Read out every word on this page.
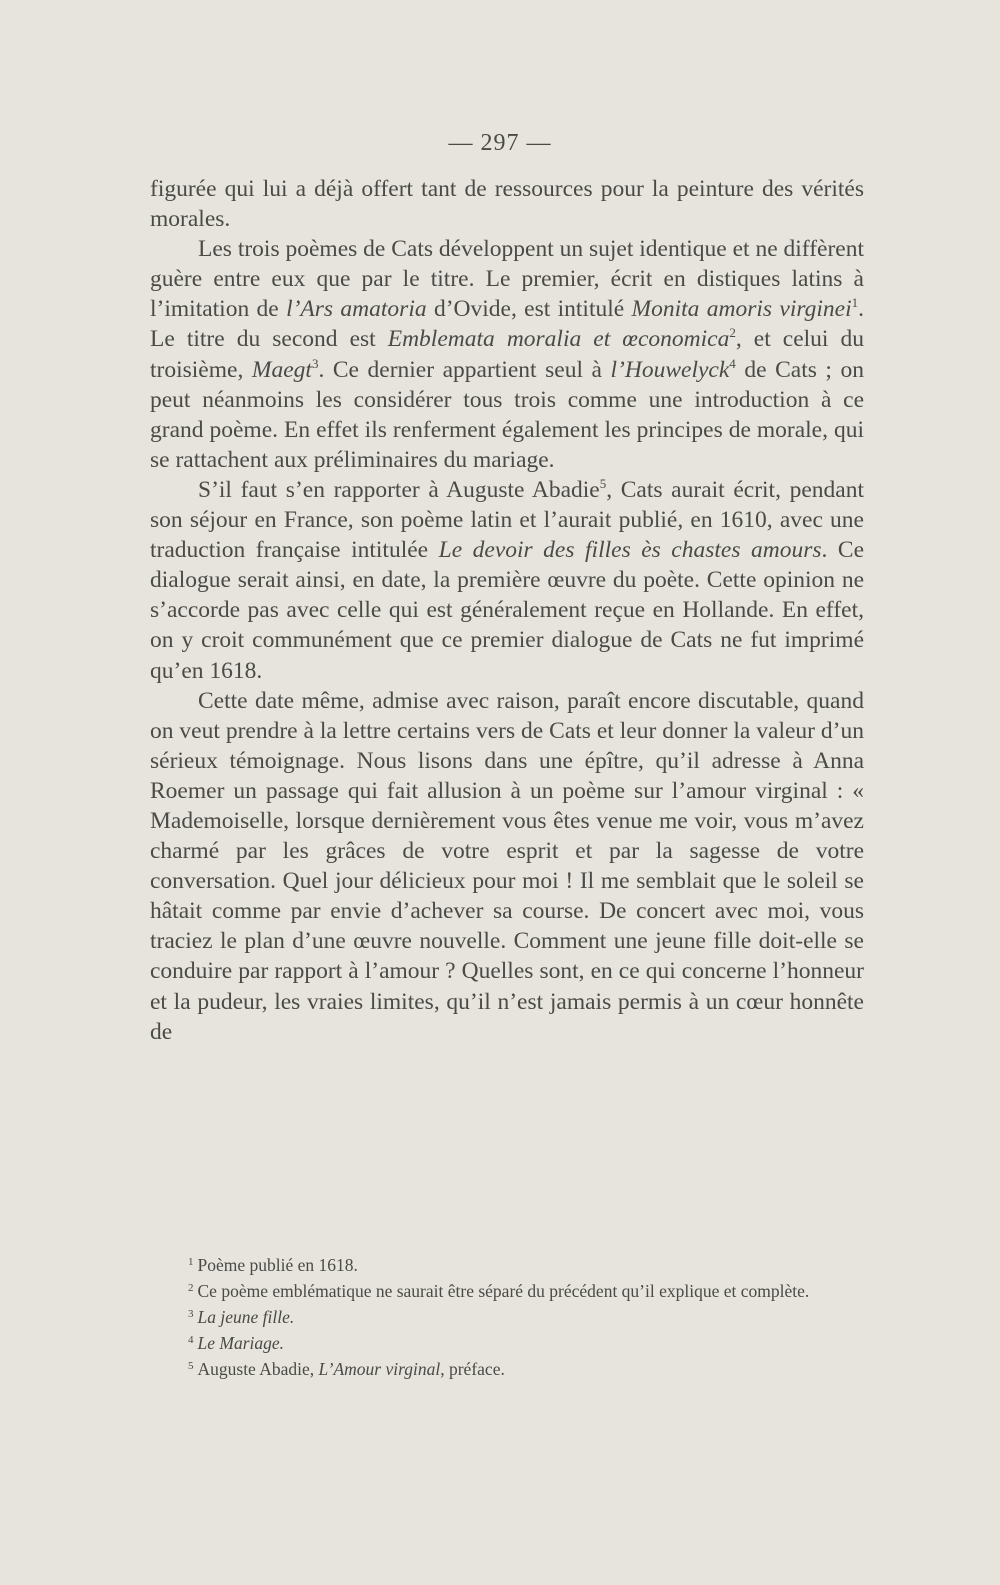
— 297 —

figurée qui lui a déjà offert tant de ressources pour la peinture des vérités morales.

Les trois poèmes de Cats développent un sujet identique et ne diffèrent guère entre eux que par le titre. Le premier, écrit en distiques latins à l’imitation de l’Ars amatoria d’Ovide, est intitulé Monita amoris virginei$^1$. Le titre du second est Emblemata moralia et œconomica$^2$, et celui du troisième, Maegt$^3$. Ce dernier appartient seul à l’Houwelyck$^4$ de Cats ; on peut néanmoins les considérer tous trois comme une introduction à ce grand poème. En effet ils renferment également les principes de morale, qui se rattachent aux préliminaires du mariage.

S’il faut s’en rapporter à Auguste Abadie$^5$, Cats aurait écrit, pendant son séjour en France, son poème latin et l’aurait publié, en 1610, avec une traduction française intitulée Le devoir des filles ès chastes amours. Ce dialogue serait ainsi, en date, la première œuvre du poète. Cette opinion ne s’accorde pas avec celle qui est généralement reçue en Hollande. En effet, on y croit communément que ce premier dialogue de Cats ne fut imprimé qu’en 1618.

Cette date même, admise avec raison, paraît encore discutable, quand on veut prendre à la lettre certains vers de Cats et leur donner la valeur d’un sérieux témoignage. Nous lisons dans une épître, qu’il adresse à Anna Roemer un passage qui fait allusion à un poème sur l’amour virginal : « Mademoiselle, lorsque dernièrement vous êtes venue me voir, vous m’avez charmé par les grâces de votre esprit et par la sagesse de votre conversation. Quel jour délicieux pour moi ! Il me semblait que le soleil se hâtait comme par envie d’achever sa course. De concert avec moi, vous traciez le plan d’une œuvre nouvelle. Comment une jeune fille doit-elle se conduire par rapport à l’amour ? Quelles sont, en ce qui concerne l’honneur et la pudeur, les vraies limites, qu’il n’est jamais permis à un cœur honnête de

$^1$ Poème publié en 1618.

$^2$ Ce poème emblématique ne saurait être séparé du précédent qu’il explique et complète.

$^3$ La jeune fille.

$^4$ Le Mariage.

$^5$ Auguste Abadie, L’Amour virginal, préface.
